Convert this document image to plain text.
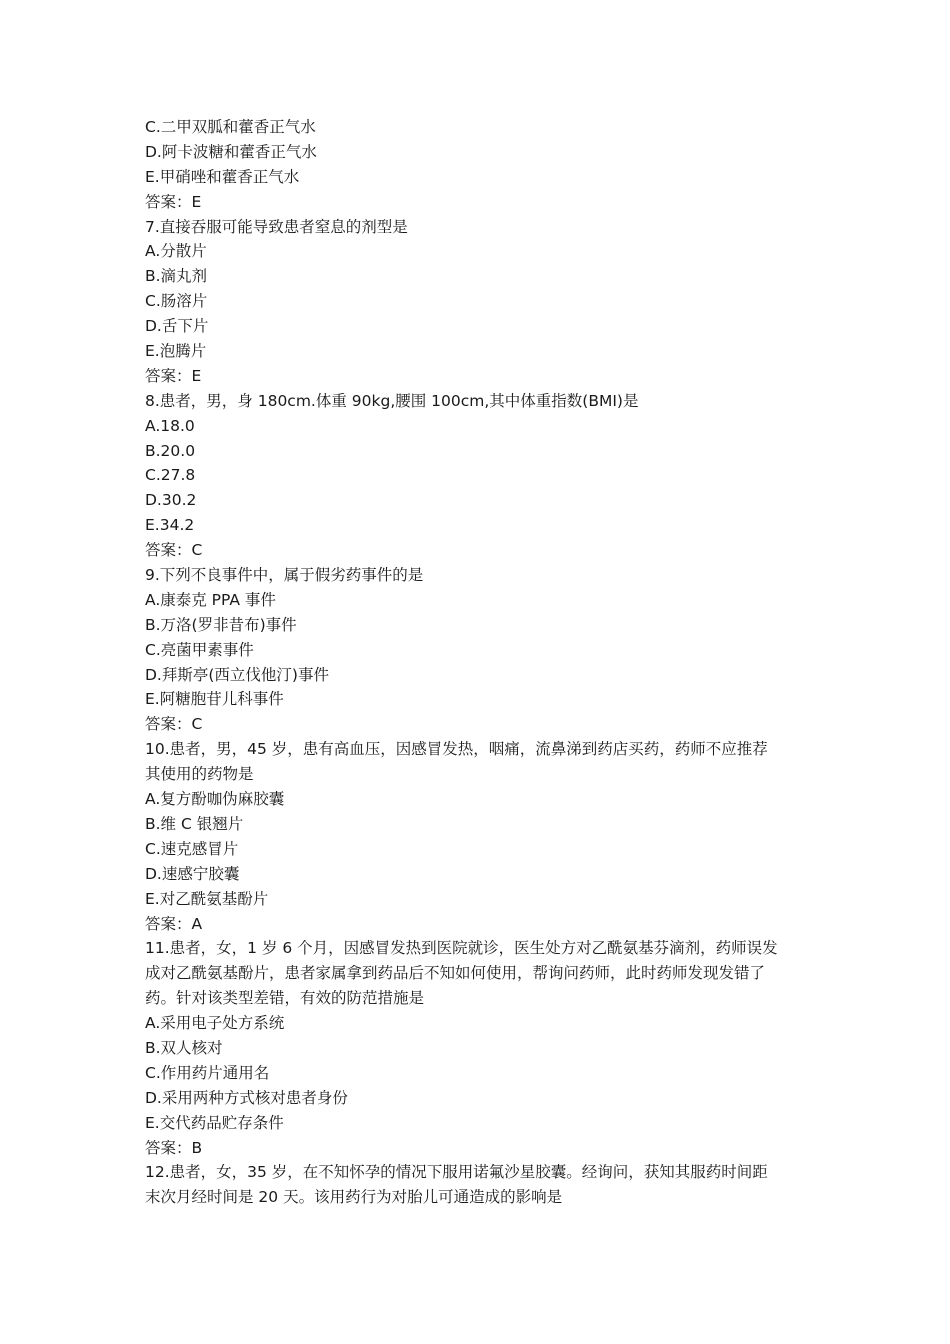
C.二甲双胍和藿香正气水
D.阿卡波糖和藿香正气水
E.甲硝唑和藿香正气水
答案：E
7.直接吞服可能导致患者窒息的剂型是
A.分散片
B.滴丸剂
C.肠溶片
D.舌下片
E.泡腾片
答案：E
8.患者，男，身 180cm.体重 90kg,腰围 100cm,其中体重指数(BMI)是
A.18.0
B.20.0
C.27.8
D.30.2
E.34.2
答案：C
9.下列不良事件中，属于假劣药事件的是
A.康泰克 PPA 事件
B.万洛(罗非昔布)事件
C.亮菌甲素事件
D.拜斯亭(西立伐他汀)事件
E.阿糖胞苷儿科事件
答案：C
10.患者，男，45 岁，患有高血压，因感冒发热，咽痛，流鼻涕到药店买药，药师不应推荐
其使用的药物是
A.复方酚咖伪麻胶囊
B.维 C 银翘片
C.速克感冒片
D.速感宁胶囊
E.对乙酰氨基酚片
答案：A
11.患者，女，1 岁 6 个月，因感冒发热到医院就诊，医生处方对乙酰氨基芬滴剂，药师误发
成对乙酰氨基酚片，患者家属拿到药品后不知如何使用，帮询问药师，此时药师发现发错了
药。针对该类型差错，有效的防范措施是
A.采用电子处方系统
B.双人核对
C.作用药片通用名
D.采用两种方式核对患者身份
E.交代药品贮存条件
答案：B
12.患者，女，35 岁，在不知怀孕的情况下服用诺氟沙星胶囊。经询问，获知其服药时间距
末次月经时间是 20 天。该用药行为对胎儿可通造成的影响是
